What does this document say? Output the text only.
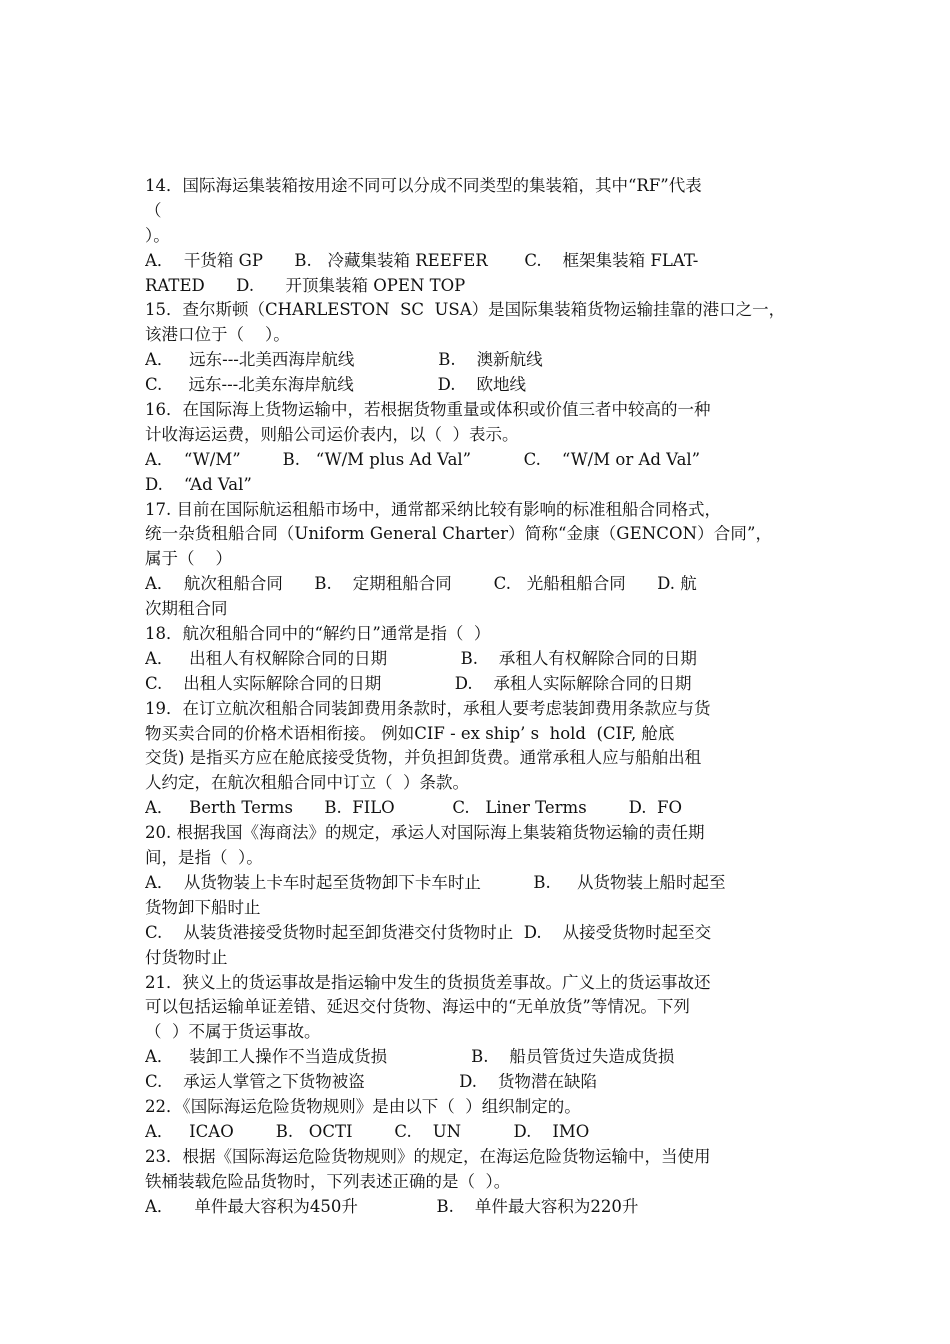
14．国际海运集装箱按用途不同可以分成不同类型的集装箱，其中“RF”代表
（
）。
A．  干货箱 GP      B.   冷藏集装箱 REEFER       C.    框架集装箱 FLAT-
RATED      D.      开顶集装箱 OPEN TOP
15．查尔斯顿（CHARLESTON  SC  USA）是国际集装箱货物运输挂靠的港口之一，
该港口位于（    ）。
A．   远东---北美西海岸航线                B.    澳新航线
C.     远东---北美东海岸航线                D.    欧地线
16．在国际海上货物运输中，若根据货物重量或体积或价值三者中较高的一种
计收海运运费，则船公司运价表内，以（  ）表示。
A．  “W/M”        B.   “W/M plus Ad Val”          C.    “W/M or Ad Val”
D.    “Ad Val”
17. 目前在国际航运租船市场中，通常都采纳比较有影响的标准租船合同格式，
统一杂货租船合同（Uniform General Charter）简称“金康（GENCON）合同”，
属于（    ）
A．  航次租船合同      B.    定期租船合同        C.   光船租船合同      D. 航
次期租合同
18．航次租船合同中的“解约日”通常是指（  ）
A．   出租人有权解除合同的日期              B.    承租人有权解除合同的日期
C.    出租人实际解除合同的日期              D.    承租人实际解除合同的日期
19．在订立航次租船合同装卸费用条款时，承租人要考虑装卸费用条款应与货
物买卖合同的价格术语相衔接。 例如CIF - ex ship’ s  hold  (CIF, 舱底
交货) 是指买方应在舱底接受货物，并负担卸货费。通常承租人应与船舶出租
人约定，在航次租船合同中订立（  ）条款。
A．   Berth Terms      B.  FILO           C.   Liner Terms        D.  FO
20. 根据我国《海商法》的规定，承运人对国际海上集装箱货物运输的责任期
间，是指（  ）。
A．  从货物装上卡车时起至货物卸下卡车时止          B.     从货物装上船时起至
货物卸下船时止
C.    从装货港接受货物时起至卸货港交付货物时止  D.    从接受货物时起至交
付货物时止
21．狭义上的货运事故是指运输中发生的货损货差事故。广义上的货运事故还
可以包括运输单证差错、延迟交付货物、海运中的“无单放货”等情况。下列
（  ）不属于货运事故。
A．   装卸工人操作不当造成货损                B.    船员管货过失造成货损
C.    承运人掌管之下货物被盗                  D.    货物潜在缺陷
22．《国际海运危险货物规则》是由以下（  ）组织制定的。
A．   ICAO        B.   OCTI        C.    UN          D.    IMO
23．根据《国际海运危险货物规则》的规定，在海运危险货物运输中，当使用
铁桶装载危险品货物时，下列表述正确的是（  ）。
A．    单件最大容积为450升               B.    单件最大容积为220升
